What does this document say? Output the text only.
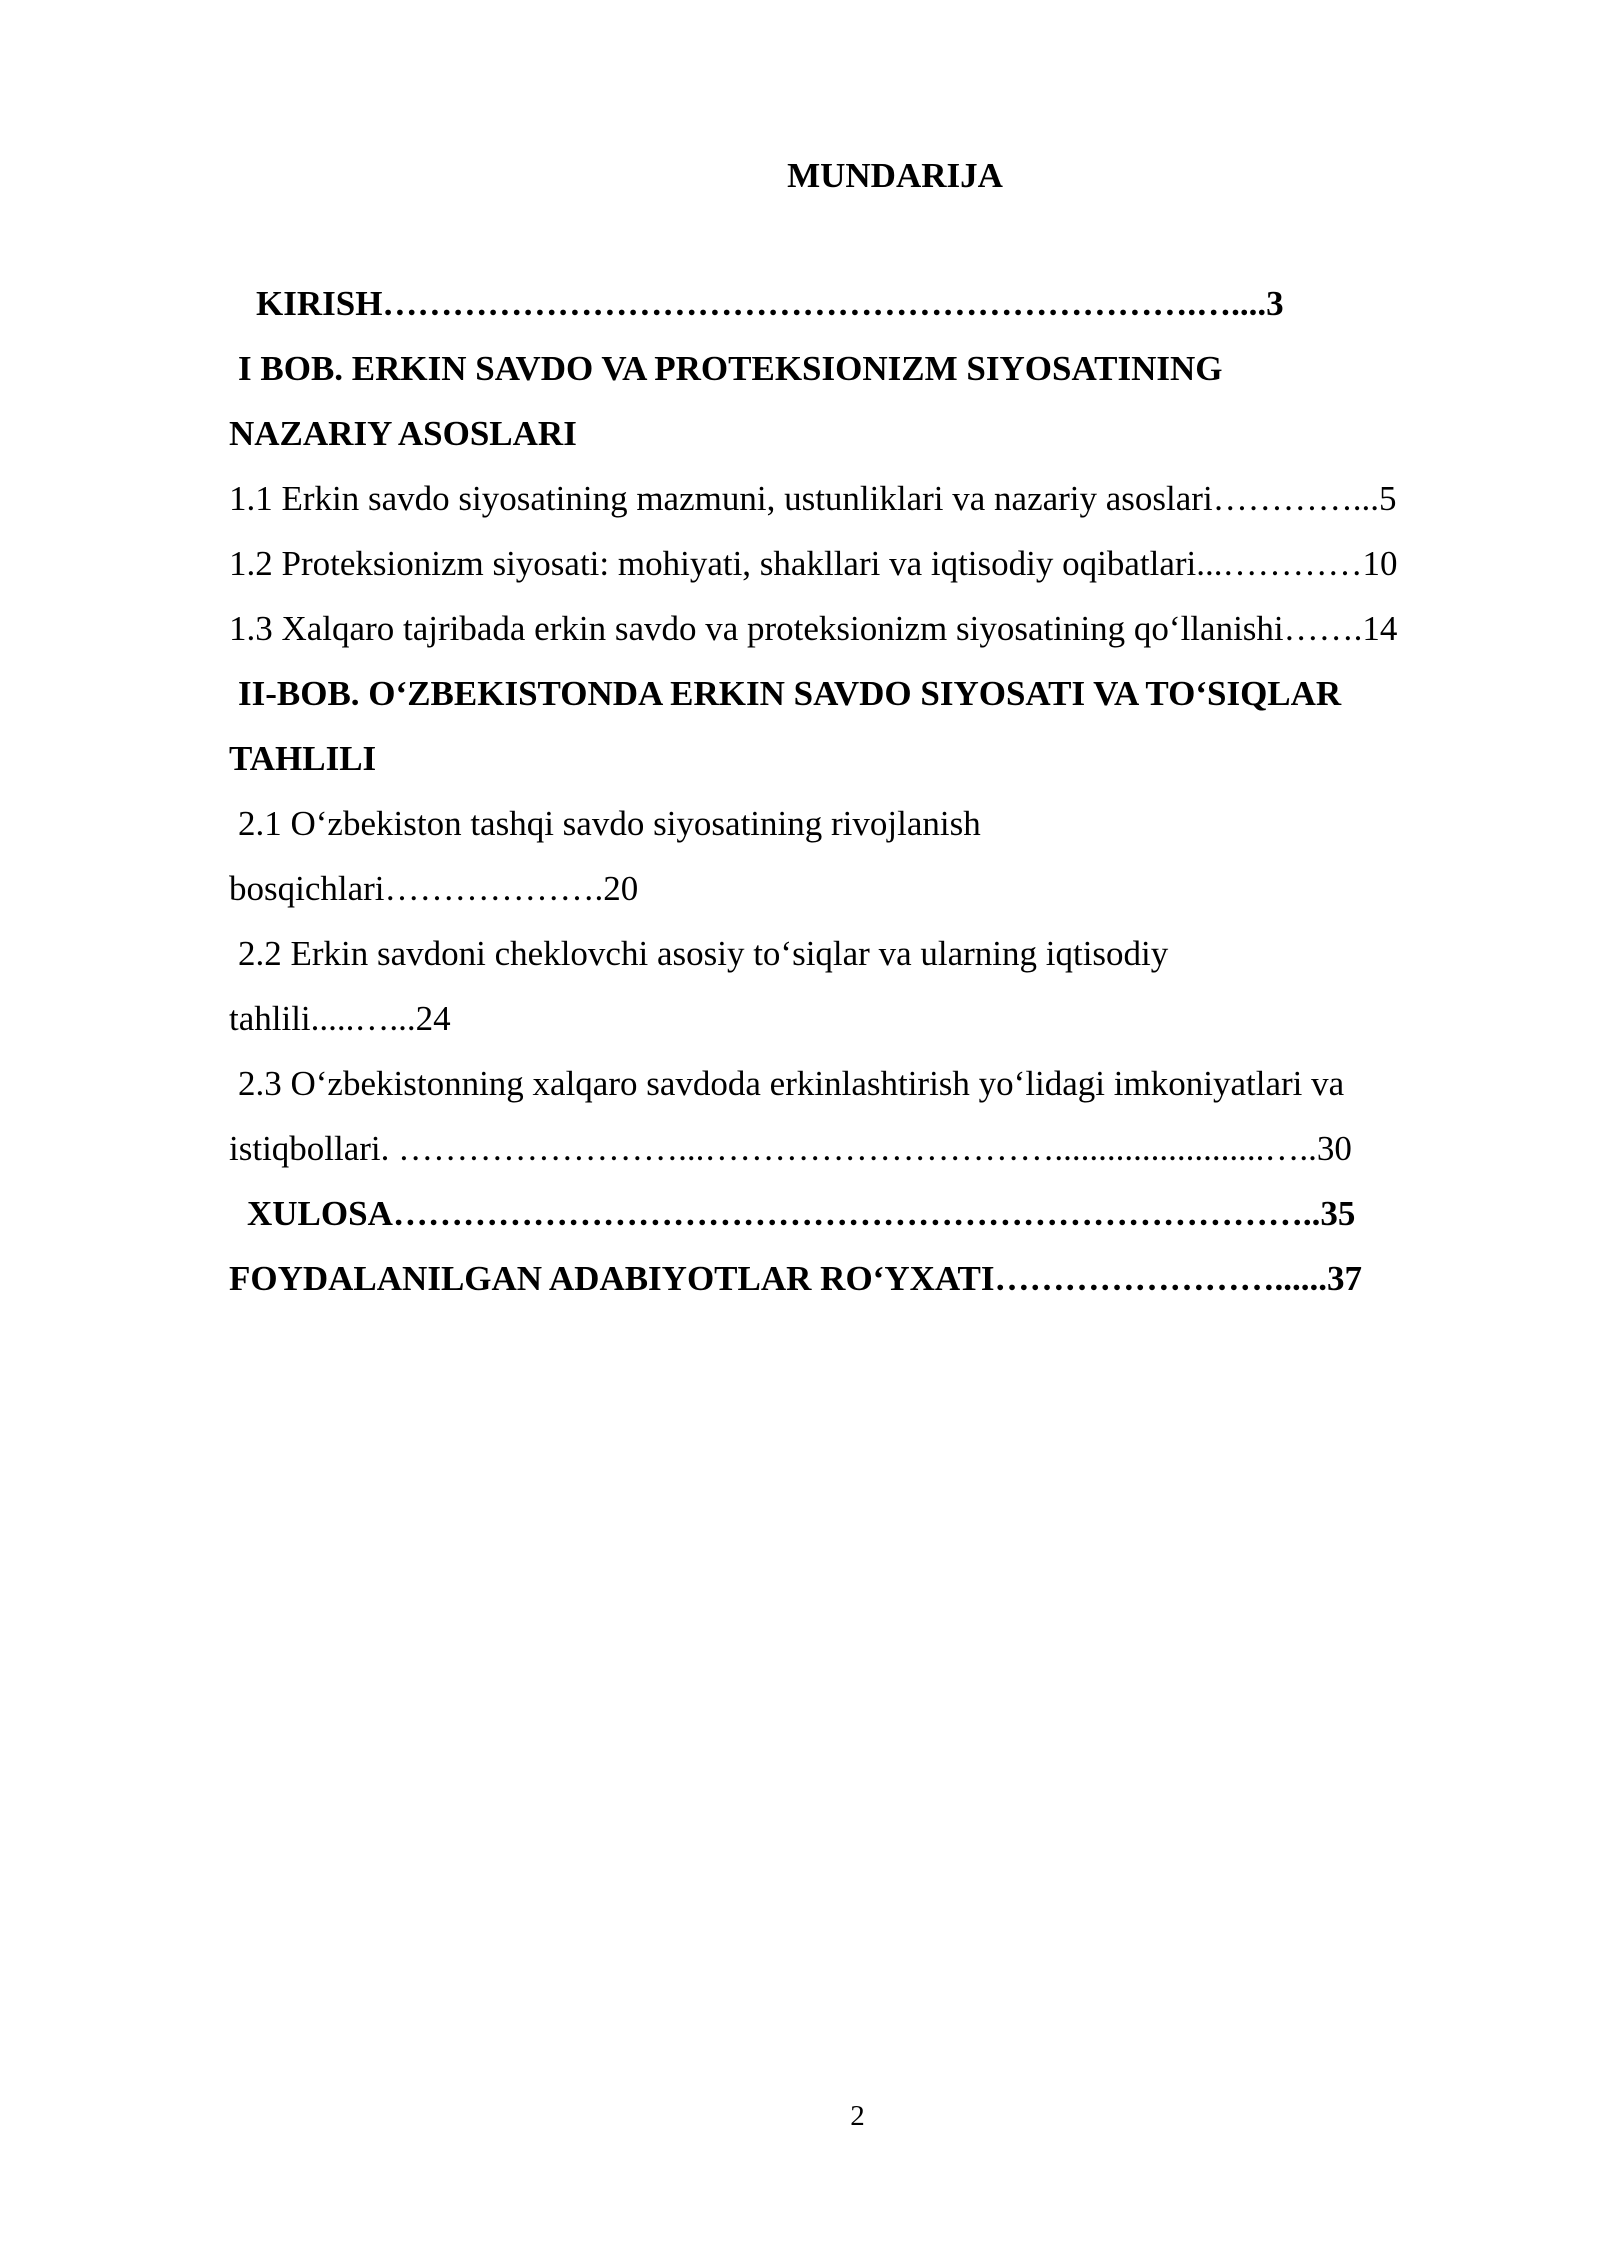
MUNDARIJA
KIRISH…………………………………………………………….…....3
I BOB. ERKIN SAVDO VA PROTEKSIONIZM SIYOSATINING
NAZARIY ASOSLARI
1.1 Erkin savdo siyosatining mazmuni, ustunliklari va nazariy asoslari…………...5
1.2 Proteksionizm siyosati: mohiyati, shakllari va iqtisodiy oqibatlari...…………10
1.3 Xalqaro tajribada erkin savdo va proteksionizm siyosatining qo‘llanishi…….14
II-BOB. O‘ZBEKISTONDA ERKIN SAVDO SIYOSATI VA TO‘SIQLAR
TAHLILI
2.1 O‘zbekiston tashqi savdo siyosatining rivojlanish
bosqichlari……………….20
2.2 Erkin savdoni cheklovchi asosiy to‘siqlar va ularning iqtisodiy
tahlili.....…...24
2.3 O‘zbekistonning xalqaro savdoda erkinlashtirish yo‘lidagi imkoniyatlari va
istiqbollari. ……………………...…………………………........................…..30
XULOSA……………………………………………………………………..35
FOYDALANILGAN ADABIYOTLAR RO‘YXATI……………………......37
2
